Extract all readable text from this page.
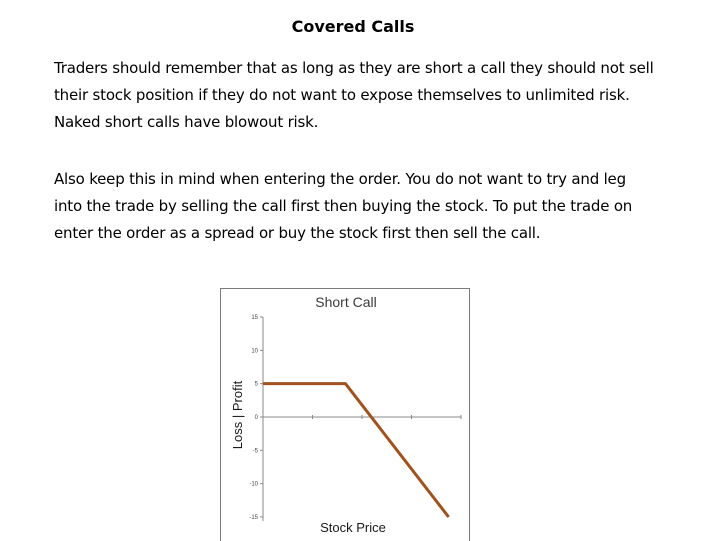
Covered Calls
Traders should remember that as long as they are short a call they should not sell
their stock position if they do not want to expose themselves to unlimited risk.
Naked short calls have blowout risk.
Also keep this in mind when entering the order. You do not want to try and leg
into the trade by selling the call first then buying the stock. To put the trade on
enter the order as a spread or buy the stock first then sell the call.
Short Call
Loss | Profit
Stock Price
15
10
5
0
-5
-10
-15
